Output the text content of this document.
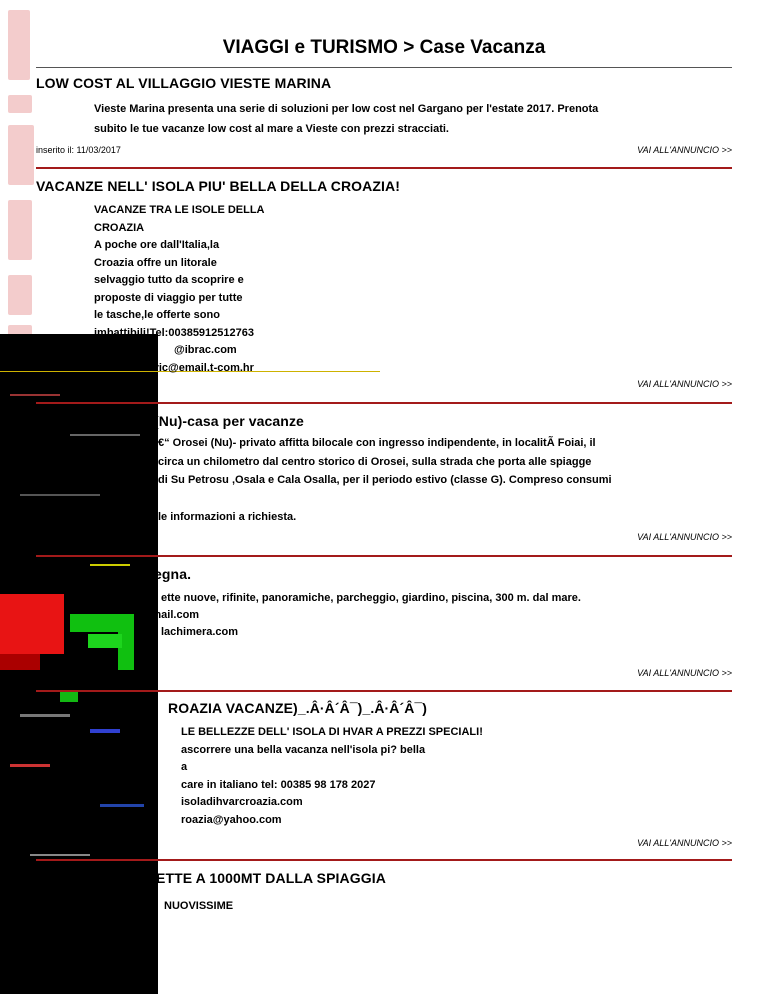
VIAGGI e TURISMO > Case Vacanza
LOW COST AL VILLAGGIO VIESTE MARINA
Vieste Marina presenta una serie di soluzioni per low cost nel Gargano per l'estate 2017. Prenota
subito le tue vacanze low cost al mare a Vieste con prezzi stracciati.
inserito il: 11/03/2017	VAI ALL'ANNUNCIO >>
VACANZE NELL' ISOLA PIU' BELLA DELLA CROAZIA!
VACANZE TRA LE ISOLE DELLA
CROAZIA
A poche ore dall'Italia,la
Croazia offre un litorale
selvaggio tutto da scoprire e
proposte di viaggio per tutte
le tasche,le offerte sono
imbattibili!Tel:00385912512763
@ibrac.com
ovic@email.t-com.hr
VAI ALL'ANNUNCIO >>
(Nu)-casa per vacanze
€“ Orosei (Nu)- privato affitta bilocale con ingresso indipendente, in localitÃ Foiai, il
circa un chilometro dal centro storico di Orosei, sulla strada che porta alle spiagge
di Su Petrosu ,Osala e Cala Osalla, per il periodo estivo (classe G). Compreso consumi
le informazioni a richiesta.
VAI ALL'ANNUNCIO >>
egna.
ette nuove, rifinite, panoramiche, parcheggio, giardino, piscina, 300 m. dal mare.
otmail.com
lachimera.com
VAI ALL'ANNUNCIO >>
ROAZIA VACANZE)_.Â·Â´Â¯)_.Â·Â´Â¯)
LE BELLEZZE DELL' ISOLA DI HVAR A PREZZI SPECIALI!
ascorrere una bella vacanza nell'isola pi? bella
a
care in italiano tel: 00385 98 178 2027
isoladihvarcroazia.com
roazia@yahoo.com
VAI ALL'ANNUNCIO >>
ETTE A 1000MT DALLA SPIAGGIA
NUOVISSIME
